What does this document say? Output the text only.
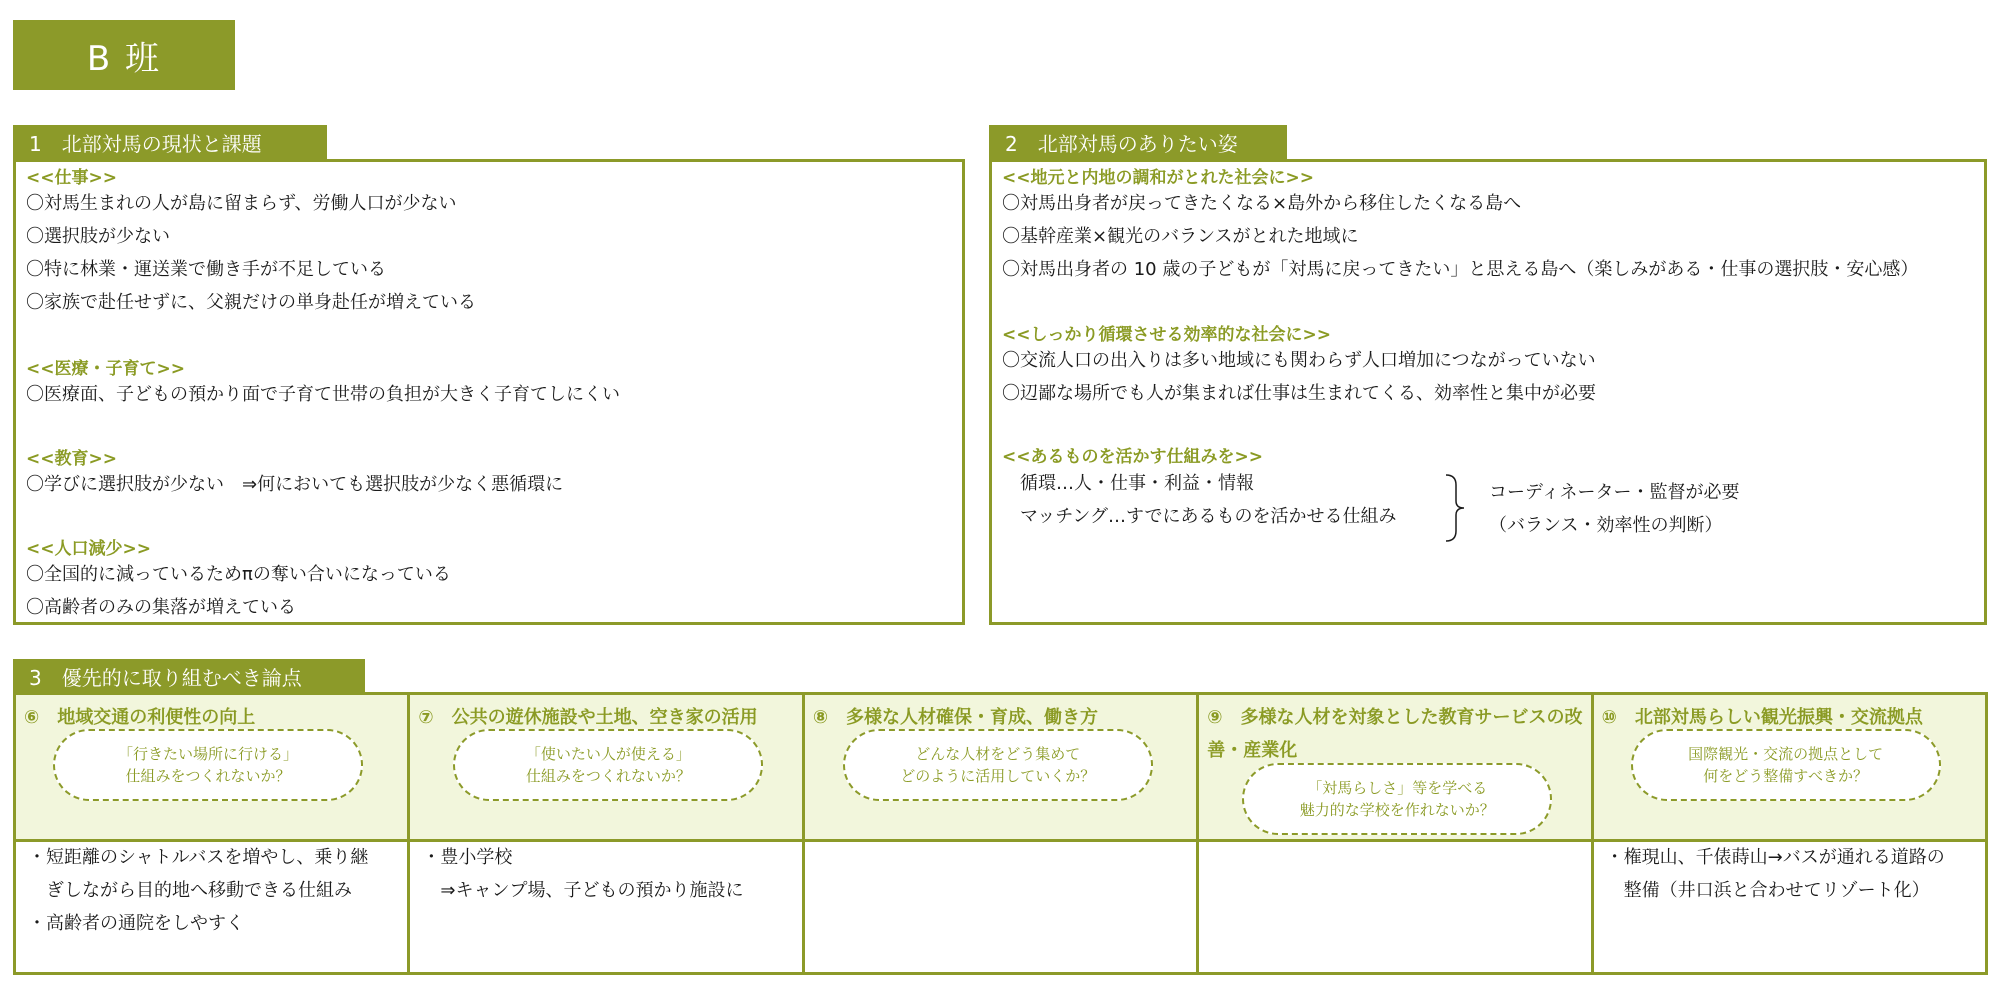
B 班
1　北部対馬の現状と課題
<<仕事>>
〇対馬生まれの人が島に留まらず、労働人口が少ない
〇選択肢が少ない
〇特に林業・運送業で働き手が不足している
〇家族で赴任せずに、父親だけの単身赴任が増えている
<<医療・子育て>>
〇医療面、子どもの預かり面で子育て世帯の負担が大きく子育てしにくい
<<教育>>
〇学びに選択肢が少ない　⇒何においても選択肢が少なく悪循環に
<<人口減少>>
〇全国的に減っているためπの奪い合いになっている
〇高齢者のみの集落が増えている
2　北部対馬のありたい姿
<<地元と内地の調和がとれた社会に>>
〇対馬出身者が戻ってきたくなる×島外から移住したくなる島へ
〇基幹産業×観光のバランスがとれた地域に
〇対馬出身者の 10 歳の子どもが「対馬に戻ってきたい」と思える島へ（楽しみがある・仕事の選択肢・安心感）
<<しっかり循環させる効率的な社会に>>
〇交流人口の出入りは多い地域にも関わらず人口増加につながっていない
〇辺鄙な場所でも人が集まれば仕事は生まれてくる、効率性と集中が必要
<<あるものを活かす仕組みを>>
循環…人・仕事・利益・情報
マッチング…すでにあるものを活かせる仕組み
コーディネーター・監督が必要
（バランス・効率性の判断）
3　優先的に取り組むべき論点
⑥　地域交通の利便性の向上
「行きたい場所に行ける」
仕組みをつくれないか？
・短距離のシャトルバスを増やし、乗り継
　ぎしながら目的地へ移動できる仕組み
・高齢者の通院をしやすく
⑦　公共の遊休施設や土地、空き家の活用
「使いたい人が使える」
仕組みをつくれないか？
・豊小学校
　⇒キャンプ場、子どもの預かり施設に
⑧　多様な人材確保・育成、働き方
どんな人材をどう集めて
どのように活用していくか？
⑨　多様な人材を対象とした教育サービスの改善・産業化
「対馬らしさ」等を学べる
魅力的な学校を作れないか？
⑩　北部対馬らしい観光振興・交流拠点
国際観光・交流の拠点として
何をどう整備すべきか？
・権現山、千俵蒔山→バスが通れる道路の
　整備（井口浜と合わせてリゾート化）
